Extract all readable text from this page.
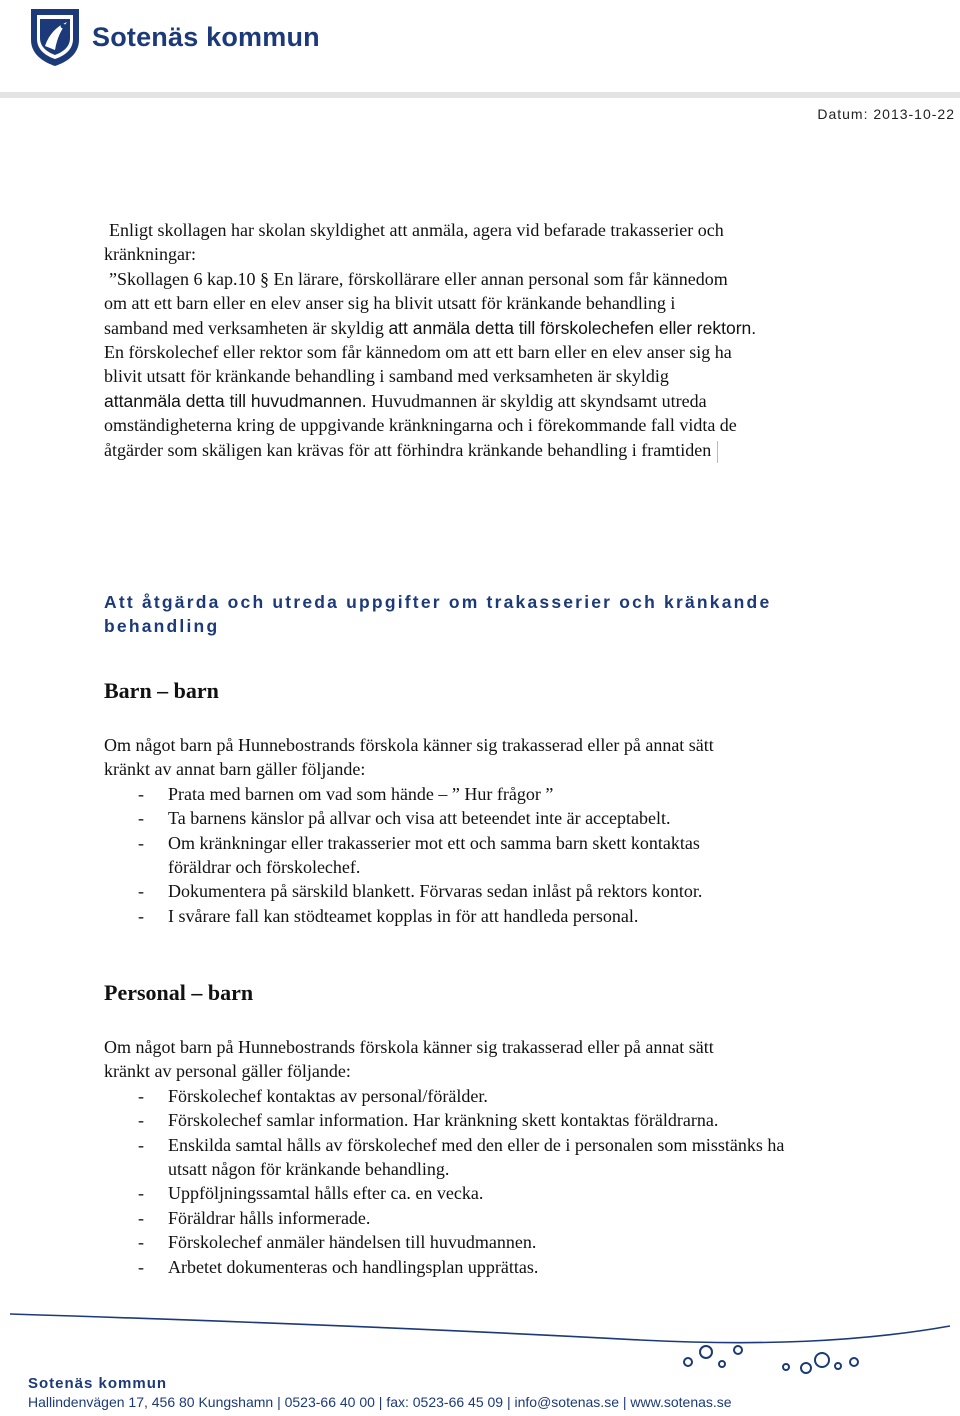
Sotenäs kommun
Datum: 2013-10-22

Enligt skollagen har skolan skyldighet att anmäla, agera vid befarade trakasserier och

kränkningar:

”Skollagen 6 kap.10 § En lärare, förskollärare eller annan personal som får kännedom

om att ett barn eller en elev anser sig ha blivit utsatt för kränkande behandling i

samband med verksamheten är skyldig att anmäla detta till förskolechefen eller rektorn.

En förskolechef eller rektor som får kännedom om att ett barn eller en elev anser sig ha

blivit utsatt för kränkande behandling i samband med verksamheten är skyldig

attanmäla detta till huvudmannen. Huvudmannen är skyldig att skyndsamt utreda

omständigheterna kring de uppgivande kränkningarna och i förekommande fall vidta de

åtgärder som skäligen kan krävas för att förhindra kränkande behandling i framtiden

Att åtgärda och utreda uppgifter om trakasserier och kränkande behandling
Barn – barn

Om något barn på Hunnebostrands förskola känner sig trakasserad eller på annat sätt

kränkt av annat barn gäller följande:

- Prata med barnen om vad som hände – ” Hur frågor ”
- Ta barnens känslor på allvar och visa att beteendet inte är acceptabelt.
- Om kränkningar eller trakasserier mot ett och samma barn skett kontaktas föräldrar och förskolechef.
- Dokumentera på särskild blankett. Förvaras sedan inlåst på rektors kontor.
- I svårare fall kan stödteamet kopplas in för att handleda personal.
Personal – barn

Om något barn på Hunnebostrands förskola känner sig trakasserad eller på annat sätt

kränkt av personal gäller följande:

- Förskolechef kontaktas av personal/förälder.
- Förskolechef samlar information. Har kränkning skett kontaktas föräldrarna.
- Enskilda samtal hålls av förskolechef med den eller de i personalen som misstänks ha utsatt någon för kränkande behandling.
- Uppföljningssamtal hålls efter ca. en vecka.
- Föräldrar hålls informerade.
- Förskolechef anmäler händelsen till huvudmannen.
- Arbetet dokumenteras och handlingsplan upprättas.
Sotenäs kommun
Hallindenvägen 17, 456 80 Kungshamn | 0523-66 40 00 | fax: 0523-66 45 09 | info@sotenas.se | www.sotenas.se
